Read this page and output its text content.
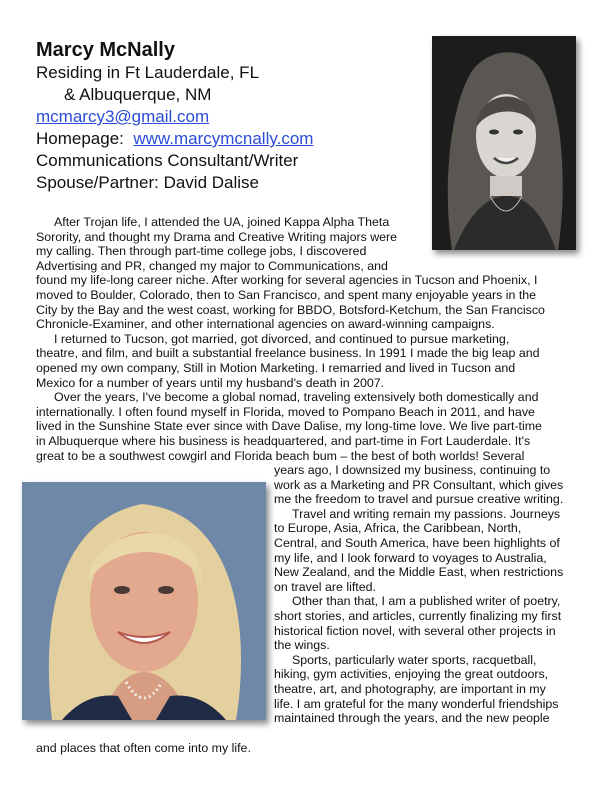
Marcy McNally
Residing in Ft Lauderdale, FL
& Albuquerque, NM
mcmarcy3@gmail.com
Homepage: www.marcymcnally.com
Communications Consultant/Writer
Spouse/Partner: David Dalise
After Trojan life, I attended the UA, joined Kappa Alpha Theta
Sorority, and thought my Drama and Creative Writing majors were
my calling. Then through part-time college jobs, I discovered
Advertising and PR, changed my major to Communications, and
found my life-long career niche. After working for several agencies in Tucson and Phoenix, I
moved to Boulder, Colorado, then to San Francisco, and spent many enjoyable years in the
City by the Bay and the west coast, working for BBDO, Botsford-Ketchum, the San Francisco
Chronicle-Examiner, and other international agencies on award-winning campaigns.
I returned to Tucson, got married, got divorced, and continued to pursue marketing,
theatre, and film, and built a substantial freelance business. In 1991 I made the big leap and
opened my own company, Still in Motion Marketing. I remarried and lived in Tucson and
Mexico for a number of years until my husband's death in 2007.
Over the years, I've become a global nomad, traveling extensively both domestically and
internationally. I often found myself in Florida, moved to Pompano Beach in 2011, and have
lived in the Sunshine State ever since with Dave Dalise, my long-time love. We live part-time
in Albuquerque where his business is headquartered, and part-time in Fort Lauderdale. It's
great to be a southwest cowgirl and Florida beach bum – the best of both worlds! Several
years ago, I downsized my business, continuing to
work as a Marketing and PR Consultant, which gives
me the freedom to travel and pursue creative writing.
Travel and writing remain my passions. Journeys
to Europe, Asia, Africa, the Caribbean, North,
Central, and South America, have been highlights of
my life, and I look forward to voyages to Australia,
New Zealand, and the Middle East, when restrictions
on travel are lifted.
Other than that, I am a published writer of poetry,
short stories, and articles, currently finalizing my first
historical fiction novel, with several other projects in
the wings.
Sports, particularly water sports, racquetball,
hiking, gym activities, enjoying the great outdoors,
theatre, art, and photography, are important in my
life. I am grateful for the many wonderful friendships
maintained through the years, and the new people
and places that often come into my life.
